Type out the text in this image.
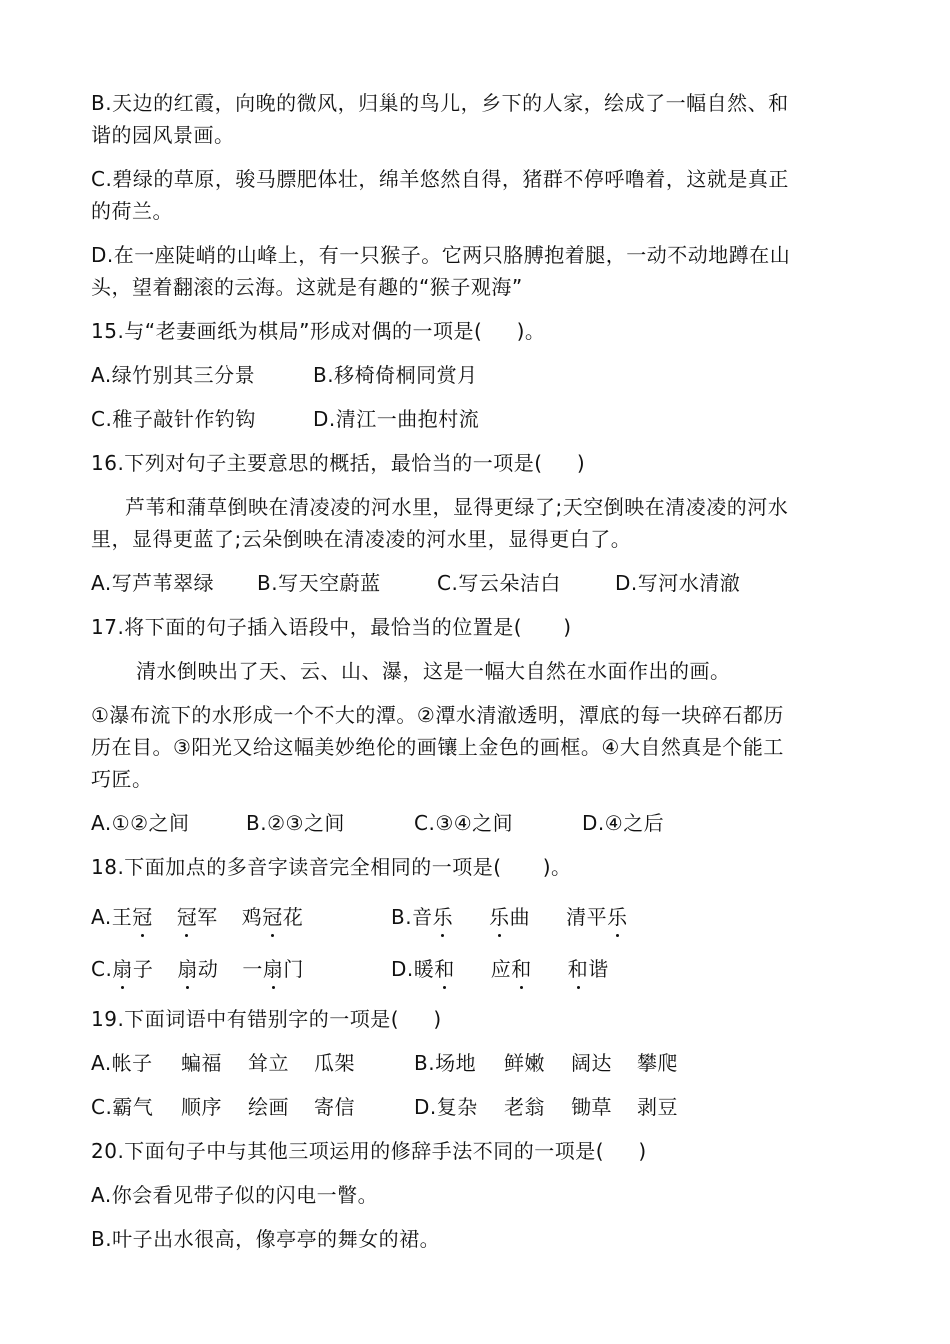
B.天边的红霞，向晚的微风，归巢的鸟儿，乡下的人家，绘成了一幅自然、和
谐的园风景画。
C.碧绿的草原，骏马膘肥体壮，绵羊悠然自得，猪群不停呼噜着，这就是真正
的荷兰。
D.在一座陡峭的山峰上，有一只猴子。它两只胳膊抱着腿，一动不动地蹲在山
头，望着翻滚的云海。这就是有趣的“猴子观海”
15.与“老妻画纸为棋局”形成对偶的一项是(     )。
A.绿竹别其三分景	B.移椅倚桐同赏月
C.稚子敲针作钓钩	D.清江一曲抱村流
16.下列对句子主要意思的概括，最恰当的一项是(     )
芦苇和蒲草倒映在清凌凌的河水里，显得更绿了;天空倒映在清凌凌的河水
里，显得更蓝了;云朵倒映在清凌凌的河水里，显得更白了。
A.写芦苇翠绿	B.写天空蔚蓝	C.写云朵洁白	D.写河水清澈
17.将下面的句子插入语段中，最恰当的位置是(      )
清水倒映出了天、云、山、瀑，这是一幅大自然在水面作出的画。
①瀑布流下的水形成一个不大的潭。②潭水清澈透明，潭底的每一块碎石都历
历在目。③阳光又给这幅美妙绝伦的画镶上金色的画框。④大自然真是个能工
巧匠。
A.①②之间	B.②③之间	C.③④之间	D.④之后
18.下面加点的多音字读音完全相同的一项是(      )。
A. 王 冠 冠 军 鸡 冠 花	B. 音 乐 乐 曲 清平 乐
C. 扇 子 扇 动 一 扇 门	D. 暖 和 应 和 和 谐
19.下面词语中有错别字的一项是(     )
A.帐子	蝙福	耸立	瓜架	B.场地	鲜嫩	阔达	攀爬
C.霸气	顺序	绘画	寄信	D.复杂	老翁	锄草	剥豆
20.下面句子中与其他三项运用的修辞手法不同的一项是(     )
A.你会看见带子似的闪电一瞥。
B.叶子出水很高，像亭亭的舞女的裙。
